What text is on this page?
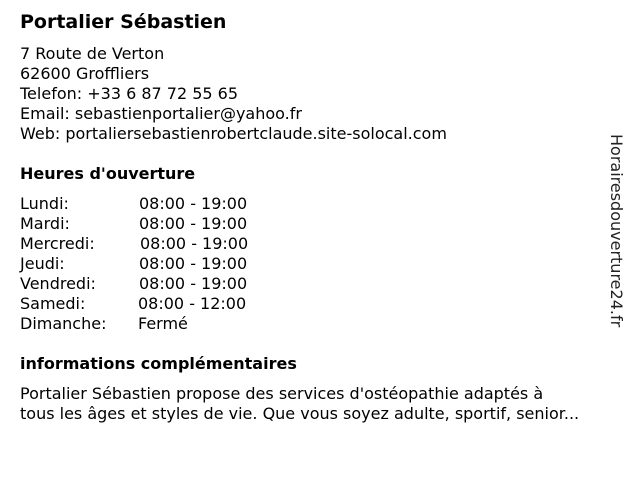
Portalier Sébastien
7 Route de Verton
62600 Groffliers
Telefon: +33 6 87 72 55 65
Email: sebastienportalier@yahoo.fr
Web: portaliersebastienrobertclaude.site-solocal.com
Heures d'ouverture
Lundi:	08:00 - 19:00
Mardi:	08:00 - 19:00
Mercredi:	08:00 - 19:00
Jeudi:	08:00 - 19:00
Vendredi:	08:00 - 19:00
Samedi:	08:00 - 12:00
Dimanche: Fermé
informations complémentaires
Portalier Sébastien propose des services d'ostéopathie adaptés à
tous les âges et styles de vie. Que vous soyez adulte, sportif, senior...
Horairesdouverture24.fr
